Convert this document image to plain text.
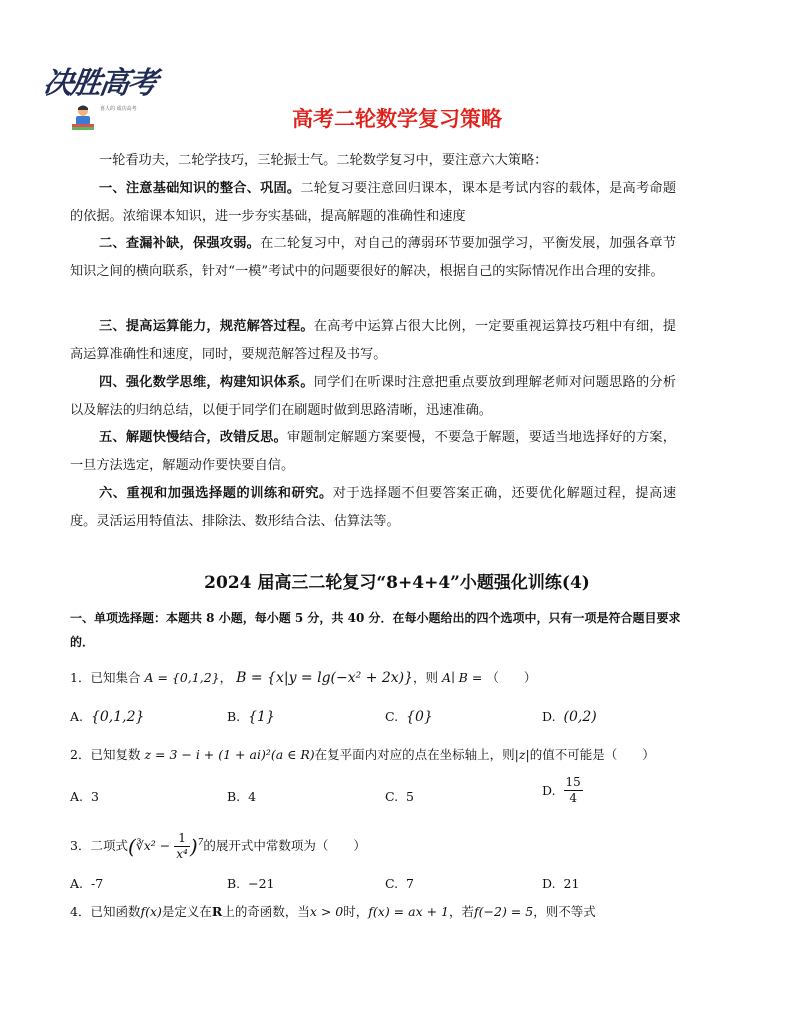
决胜高考
喜人的 成功高考	高考二轮数学复习策略
一轮看功夫，二轮学技巧，三轮振士气。二轮数学复习中，要注意六大策略：
一、注意基础知识的整合、巩固。二轮复习要注意回归课本，课本是考试内容的载体，是高考命题的依据。浓缩课本知识，进一步夯实基础，提高解题的准确性和速度
二、查漏补缺，保强攻弱。在二轮复习中，对自己的薄弱环节要加强学习，平衡发展，加强各章节知识之间的横向联系，针对“一模”考试中的问题要很好的解决，根据自己的实际情况作出合理的安排。
三、提高运算能力，规范解答过程。在高考中运算占很大比例，一定要重视运算技巧粗中有细，提高运算准确性和速度，同时，要规范解答过程及书写。
四、强化数学思维，构建知识体系。同学们在听课时注意把重点要放到理解老师对问题思路的分析以及解法的归纳总结，以便于同学们在刷题时做到思路清晰，迅速准确。
五、解题快慢结合，改错反思。审题制定解题方案要慢，不要急于解题，要适当地选择好的方案，一旦方法选定，解题动作要快要自信。
六、重视和加强选择题的训练和研究。对于选择题不但要答案正确，还要优化解题过程，提高速度。灵活运用特值法、排除法、数形结合法、估算法等。
2024 届高三二轮复习“8+4+4”小题强化训练(4)
一、单项选择题：本题共 8 小题，每小题 5 分，共 40 分．在每小题给出的四个选项中，只有一项是符合题目要求的．
1．已知集合 A = {0,1,2}， B = {x|y = lg(−x² + 2x)}，则 A∣ B = （　　）
A. {0,1,2}	B. {1}	C. {0}	D. (0,2)
2．已知复数 z = 3 − i + (1 + ai)²(a ∈ R)在复平面内对应的点在坐标轴上，则|z|的值不可能是（　　）
A. 3	B. 4	C. 5	D. $\frac{15}{4}$
3．二项式(∛x² − $\frac{1}{\text{x⁴}} )^7$的展开式中常数项为（　　）
A. -7	B. −21	C. 7	D. 21
4．已知函数f(x)是定义在R上的奇函数，当x > 0时，f(x) = ax + 1，若f(−2) = 5，则不等式
